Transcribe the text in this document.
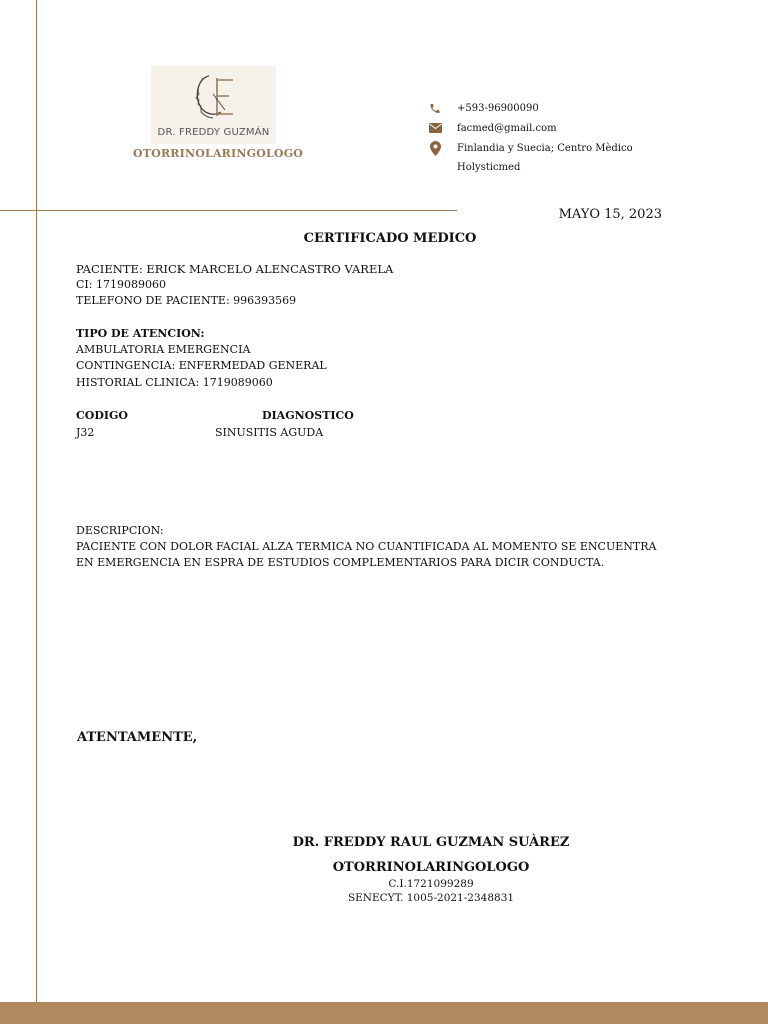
DR. FREDDY GUZMÁN
OTORRINOLARINGOLOGO
+593-96900090
facmed@gmail.com
Finlandia y Suecia; Centro Mèdico
Holysticmed
MAYO 15, 2023
CERTIFICADO MEDICO
PACIENTE: ERICK MARCELO ALENCASTRO VARELA
CI: 1719089060
TELEFONO DE PACIENTE: 996393569
TIPO DE ATENCION:
AMBULATORIA EMERGENCIA
CONTINGENCIA: ENFERMEDAD GENERAL
HISTORIAL CLINICA: 1719089060
CODIGO	DIAGNOSTICO
J32	SINUSITIS AGUDA
DESCRIPCION:
PACIENTE CON DOLOR FACIAL ALZA TERMICA NO CUANTIFICADA AL MOMENTO SE ENCUENTRA
EN EMERGENCIA EN ESPRA DE ESTUDIOS COMPLEMENTARIOS PARA DICIR CONDUCTA.
ATENTAMENTE,
DR. FREDDY RAUL GUZMAN SUÀREZ
OTORRINOLARINGOLOGO
C.I.1721099289
SENECYT. 1005-2021-2348831
